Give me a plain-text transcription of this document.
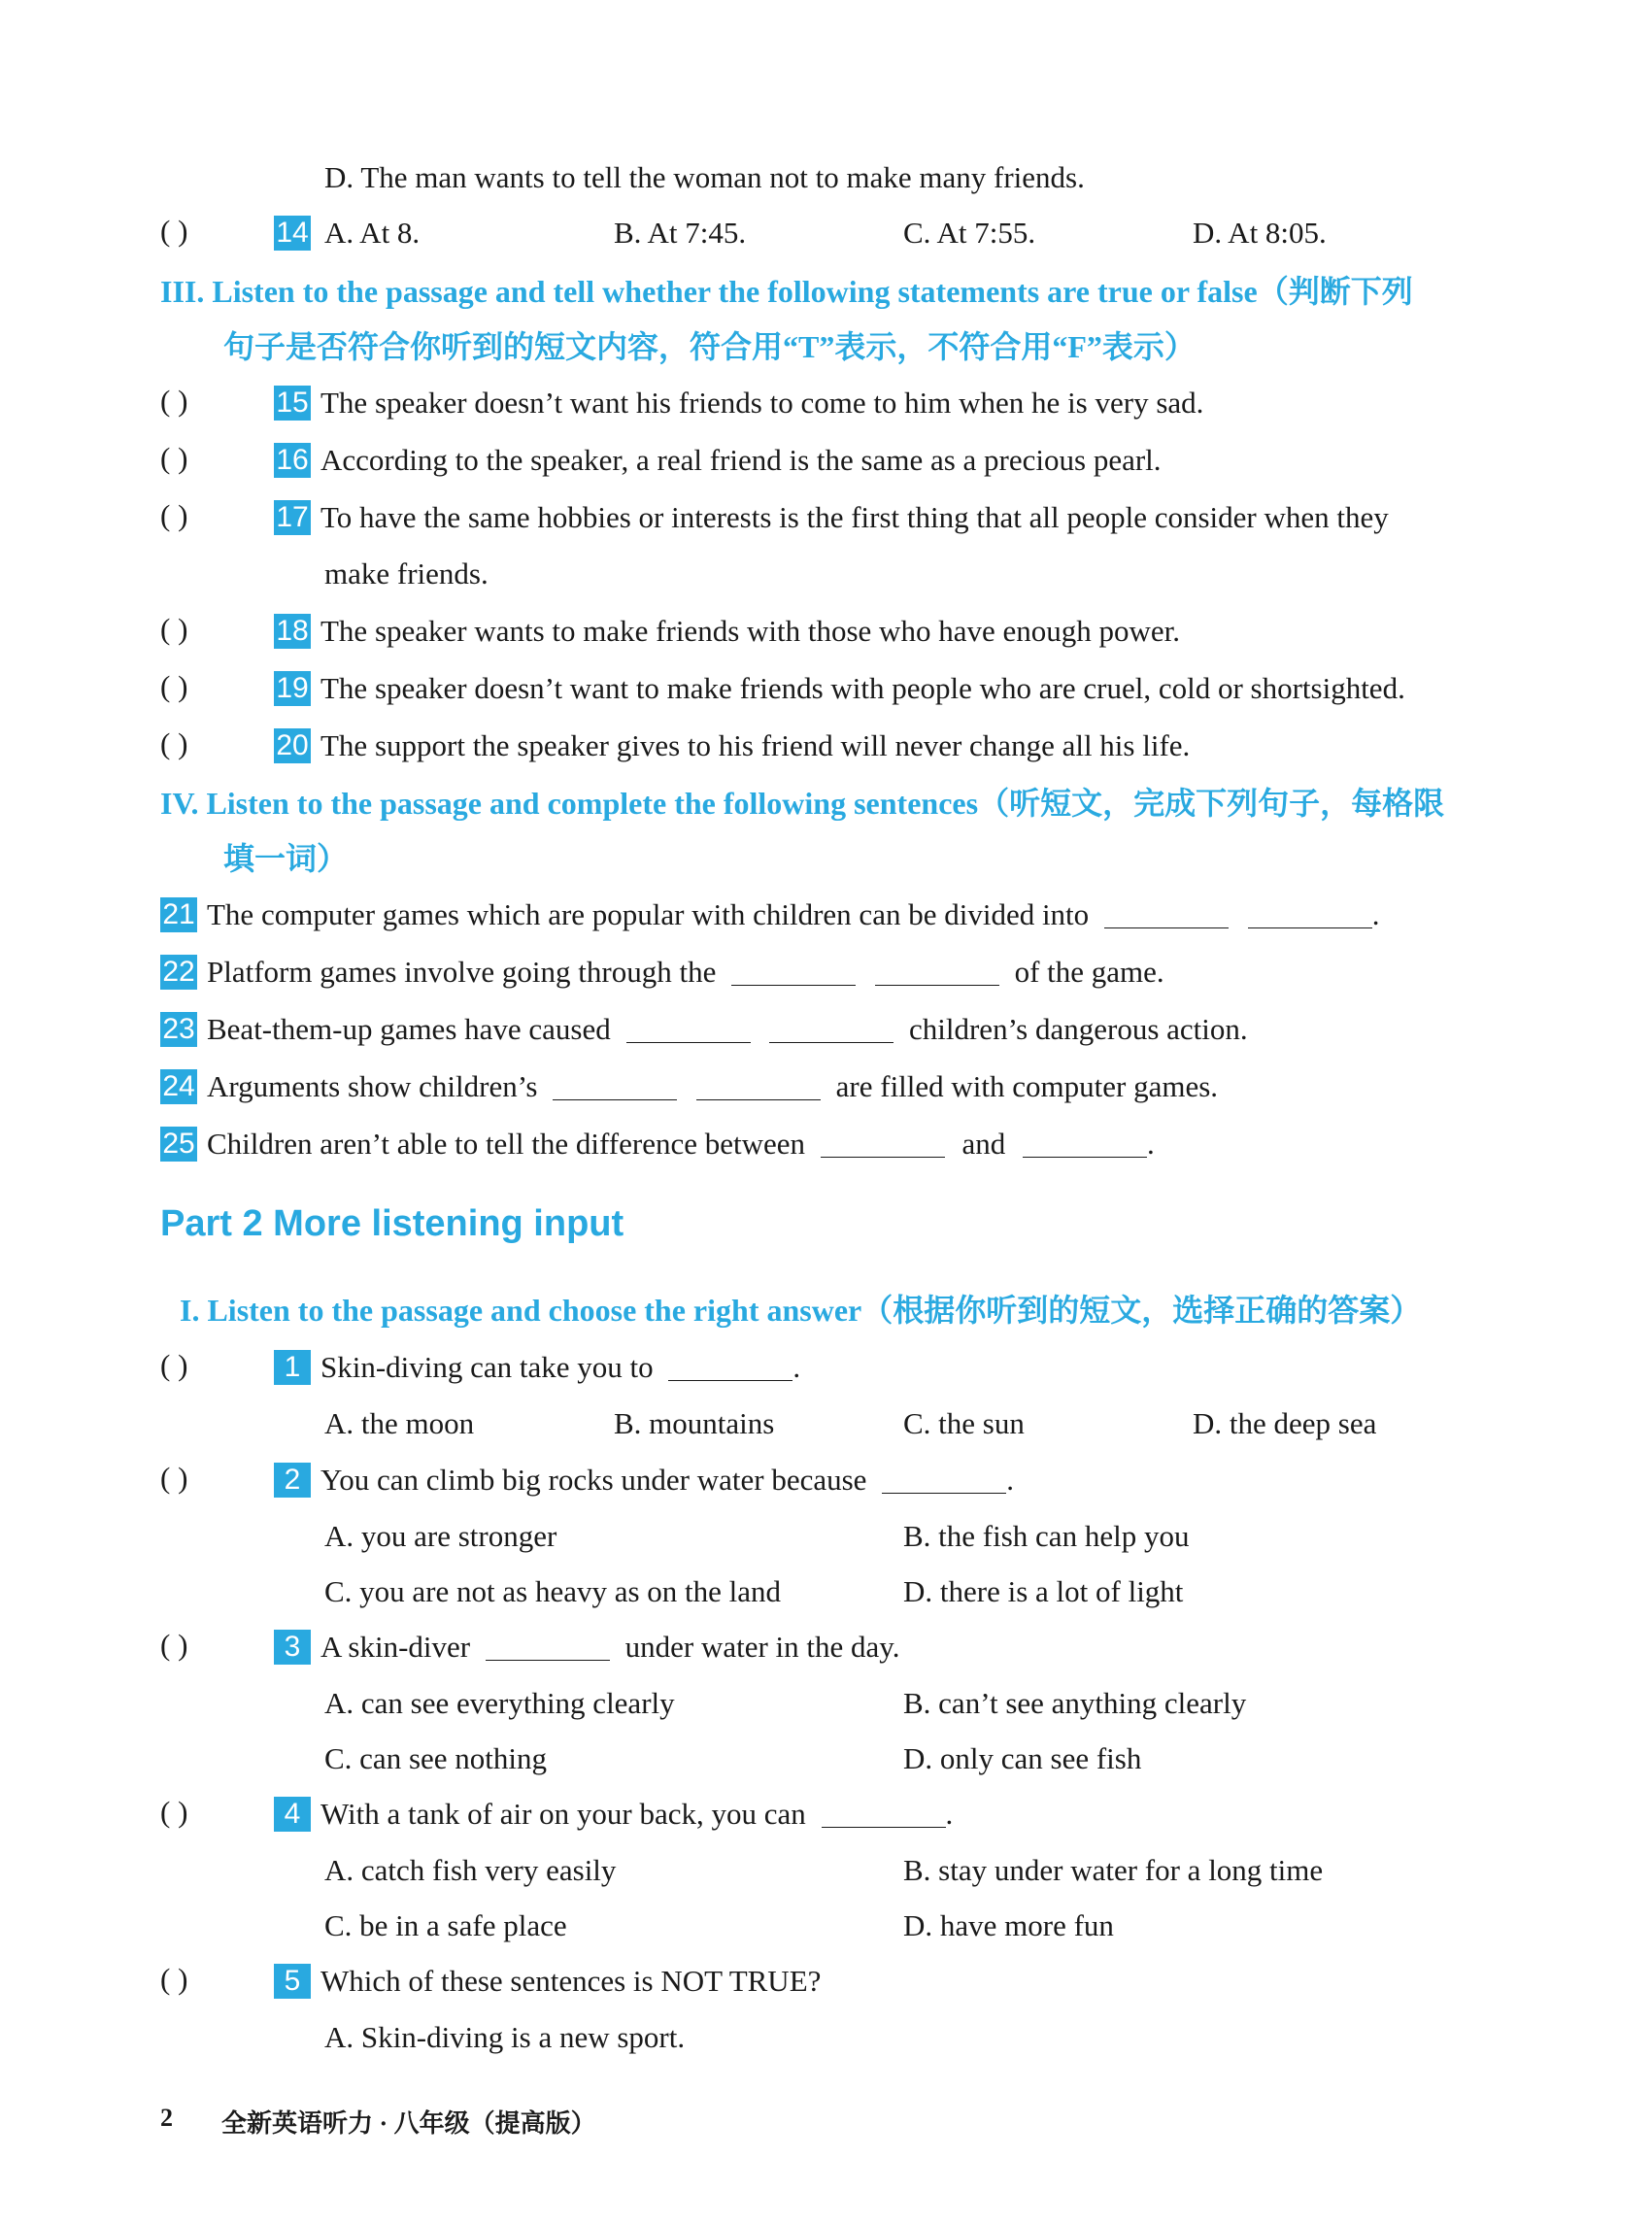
D. The man wants to tell the woman not to make many friends.
( )	14 A. At 8.	B. At 7:45.	C. At 7:55.	D. At 8:05.
III. Listen to the passage and tell whether the following statements are true or false（判断下列
句子是否符合你听到的短文内容，符合用“T”表示，不符合用“F”表示）
( )	15 The speaker doesn’t want his friends to come to him when he is very sad.
( )	16 According to the speaker, a real friend is the same as a precious pearl.
( )	17 To have the same hobbies or interests is the first thing that all people consider when they
make friends.
( )	18 The speaker wants to make friends with those who have enough power.
( )	19 The speaker doesn’t want to make friends with people who are cruel, cold or shortsighted.
( )	20 The support the speaker gives to his friend will never change all his life.
IV. Listen to the passage and complete the following sentences（听短文，完成下列句子，每格限
填一词）
21 The computer games which are popular with children can be divided into	.
22 Platform games involve going through the	of the game.
23 Beat-them-up games have caused	children’s dangerous action.
24 Arguments show children’s	are filled with computer games.
25 Children aren’t able to tell the difference between	and	.
Part 2 More listening input
I. Listen to the passage and choose the right answer（根据你听到的短文，选择正确的答案）
( )	1 Skin-diving can take you to	.
A. the moon	B. mountains	C. the sun	D. the deep sea
( )	2 You can climb big rocks under water because	.
A. you are stronger	B. the fish can help you
C. you are not as heavy as on the land	D. there is a lot of light
( )	3 A skin-diver	under water in the day.
A. can see everything clearly	B. can’t see anything clearly
C. can see nothing	D. only can see fish
( )	4 With a tank of air on your back, you can	.
A. catch fish very easily	B. stay under water for a long time
C. be in a safe place	D. have more fun
( )	5 Which of these sentences is NOT TRUE?
A. Skin-diving is a new sport.
2 全新英语听力 · 八年级（提高版）
